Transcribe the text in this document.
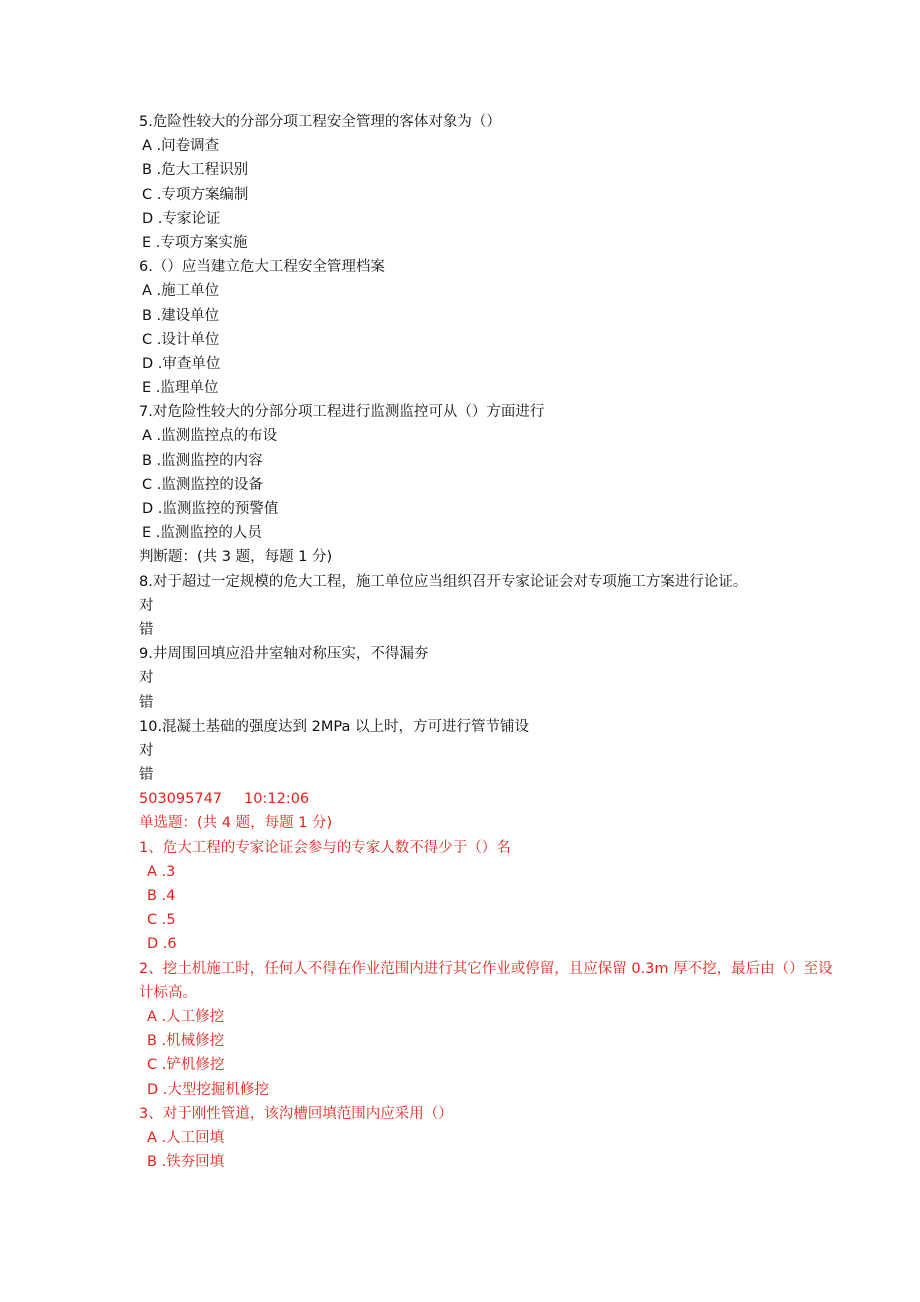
5.危险性较大的分部分项工程安全管理的客体对象为（）
A .问卷调查
B .危大工程识别
C .专项方案编制
D .专家论证
E .专项方案实施
6.（）应当建立危大工程安全管理档案
A .施工单位
B .建设单位
C .设计单位
D .审查单位
E .监理单位
7.对危险性较大的分部分项工程进行监测监控可从（）方面进行
A .监测监控点的布设
B .监测监控的内容
C .监测监控的设备
D .监测监控的预警值
E .监测监控的人员
判断题：(共 3 题，每题 1 分)
8.对于超过一定规模的危大工程，施工单位应当组织召开专家论证会对专项施工方案进行论证。
对
错
9.井周围回填应沿井室轴对称压实，不得漏夯
对
错
10.混凝土基础的强度达到 2MPa 以上时，方可进行管节铺设
对
错
503095747 10:12:06
单选题：(共 4 题，每题 1 分)
1、危大工程的专家论证会参与的专家人数不得少于（）名
A .3
B .4
C .5
D .6
2、挖土机施工时，任何人不得在作业范围内进行其它作业或停留，且应保留 0.3m 厚不挖，最后由（）至设计标高。
A .人工修挖
B .机械修挖
C .铲机修挖
D .大型挖掘机修挖
3、对于刚性管道，该沟槽回填范围内应采用（）
A .人工回填
B .铁夯回填
